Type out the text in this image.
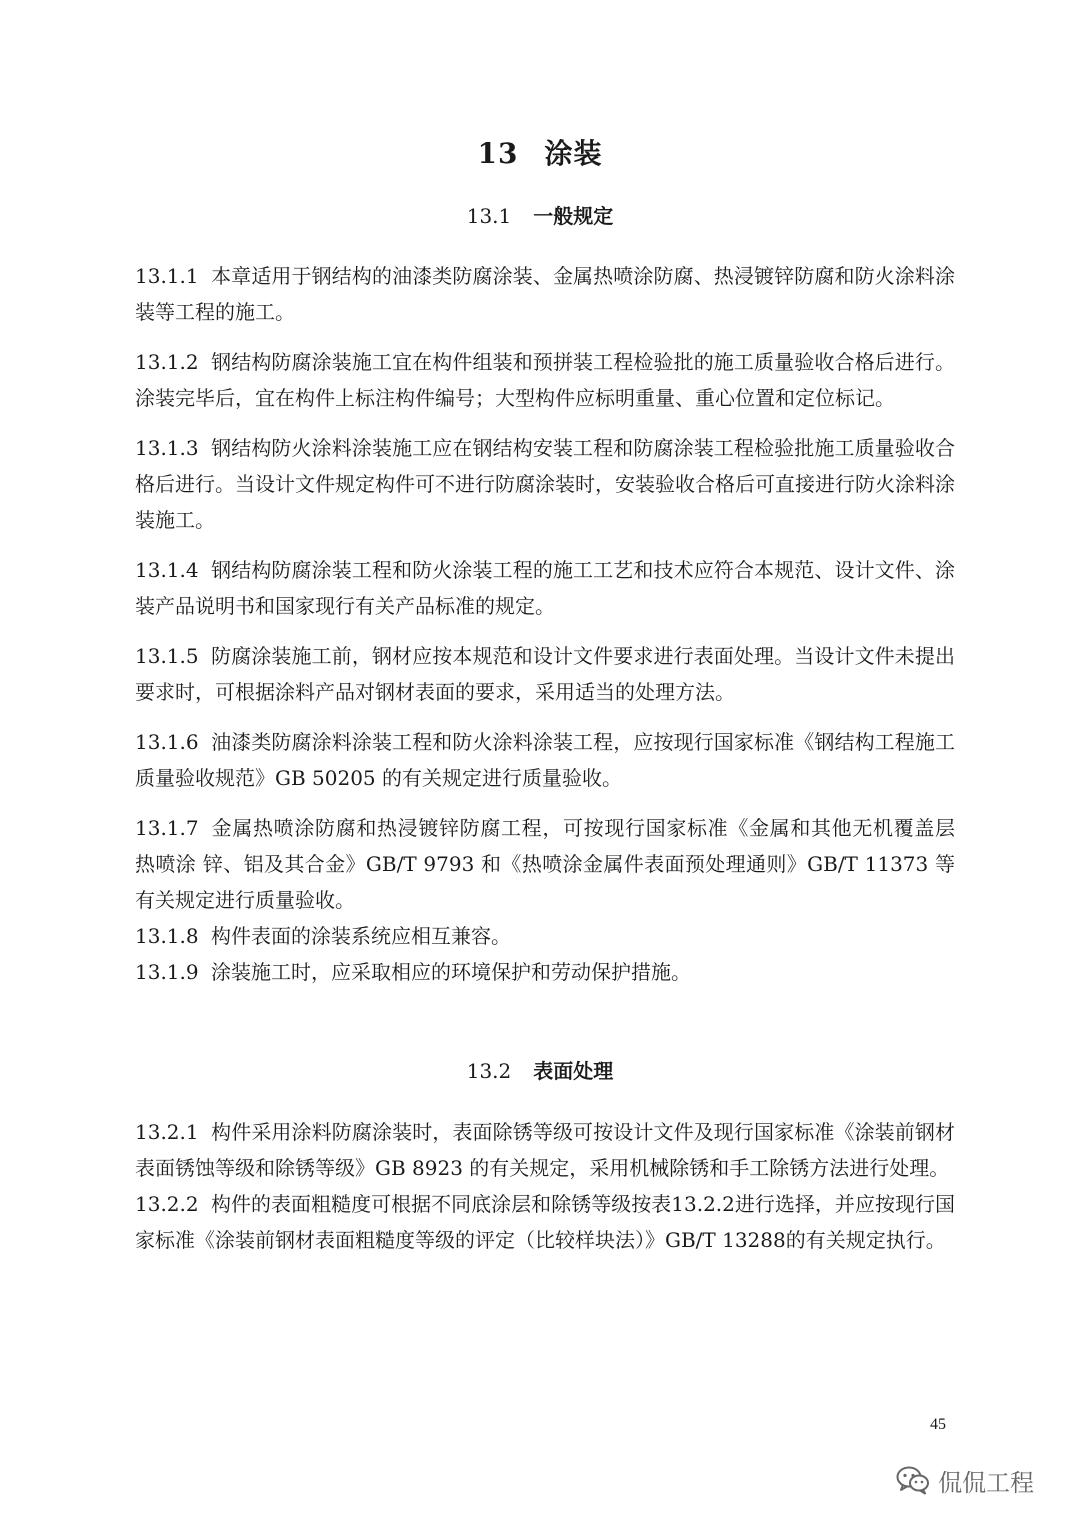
13 涂装
13.1 一般规定

13.1.1 本章适用于钢结构的油漆类防腐涂装、金属热喷涂防腐、热浸镀锌防腐和防火涂料涂装等工程的施工。

13.1.2 钢结构防腐涂装施工宜在构件组装和预拼装工程检验批的施工质量验收合格后进行。涂装完毕后，宜在构件上标注构件编号；大型构件应标明重量、重心位置和定位标记。

13.1.3 钢结构防火涂料涂装施工应在钢结构安装工程和防腐涂装工程检验批施工质量验收合格后进行。当设计文件规定构件可不进行防腐涂装时，安装验收合格后可直接进行防火涂料涂装施工。

13.1.4 钢结构防腐涂装工程和防火涂装工程的施工工艺和技术应符合本规范、设计文件、涂装产品说明书和国家现行有关产品标准的规定。

13.1.5 防腐涂装施工前，钢材应按本规范和设计文件要求进行表面处理。当设计文件未提出要求时，可根据涂料产品对钢材表面的要求，采用适当的处理方法。

13.1.6 油漆类防腐涂料涂装工程和防火涂料涂装工程，应按现行国家标准《钢结构工程施工质量验收规范》GB 50205 的有关规定进行质量验收。

13.1.7 金属热喷涂防腐和热浸镀锌防腐工程，可按现行国家标准《金属和其他无机覆盖层 热喷涂 锌、铝及其合金》GB/T 9793 和《热喷涂金属件表面预处理通则》GB/T 11373 等有关规定进行质量验收。

13.1.8 构件表面的涂装系统应相互兼容。

13.1.9 涂装施工时，应采取相应的环境保护和劳动保护措施。

13.2 表面处理

13.2.1 构件采用涂料防腐涂装时，表面除锈等级可按设计文件及现行国家标准《涂装前钢材表面锈蚀等级和除锈等级》GB 8923 的有关规定，采用机械除锈和手工除锈方法进行处理。

13.2.2 构件的表面粗糙度可根据不同底涂层和除锈等级按表13.2.2进行选择，并应按现行国家标准《涂装前钢材表面粗糙度等级的评定（比较样块法）》GB/T 13288的有关规定执行。

45
侃侃工程
